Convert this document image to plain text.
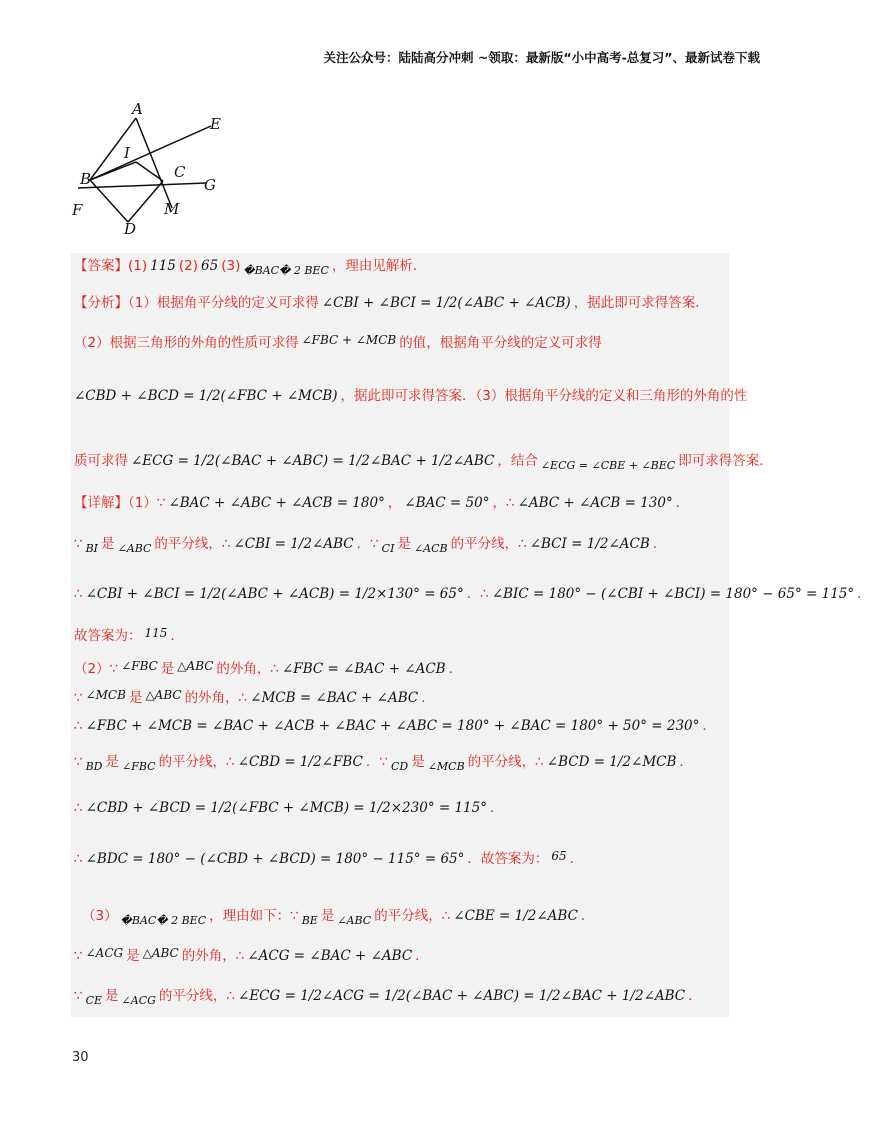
关注公众号：陆陆高分冲刺 ~领取：最新版“小中高考-总复习”、最新试卷下载
A
E
I
B	C
G
F	M
D
【答案】(1) 115 (2) 65 (3) �BAC� 2 BEC ，理由见解析．
【分析】（1）根据角平分线的定义可求得 ∠CBI + ∠BCI = 1/2(∠ABC + ∠ACB) ，据此即可求得答案．
（2）根据三角形的外角的性质可求得 ∠FBC + ∠MCB 的值，根据角平分线的定义可求得
∠CBD + ∠BCD = 1/2(∠FBC + ∠MCB) ，据此即可求得答案．（3）根据角平分线的定义和三角形的外角的性
质可求得 ∠ECG = 1/2(∠BAC + ∠ABC) = 1/2∠BAC + 1/2∠ABC ，结合 ∠ECG = ∠CBE + ∠BEC 即可求得答案．
【详解】（1）∵ ∠BAC + ∠ABC + ∠ACB = 180° ， ∠BAC = 50° ，∴ ∠ABC + ∠ACB = 130° ．
∵ BI 是 ∠ABC 的平分线，∴ ∠CBI = 1/2∠ABC ．∵ CI 是 ∠ACB 的平分线，∴ ∠BCI = 1/2∠ACB ．
∴ ∠CBI + ∠BCI = 1/2(∠ABC + ∠ACB) = 1/2×130° = 65° ．∴ ∠BIC = 180° − (∠CBI + ∠BCI) = 180° − 65° = 115° ．
故答案为： 115 ．
（2）∵ ∠FBC 是 △ABC 的外角，∴ ∠FBC = ∠BAC + ∠ACB ．
∵ ∠MCB 是 △ABC 的外角，∴ ∠MCB = ∠BAC + ∠ABC ．
∴ ∠FBC + ∠MCB = ∠BAC + ∠ACB + ∠BAC + ∠ABC = 180° + ∠BAC = 180° + 50° = 230° ．
∵ BD 是 ∠FBC 的平分线，∴ ∠CBD = 1/2∠FBC ．∵ CD 是 ∠MCB 的平分线，∴ ∠BCD = 1/2∠MCB ．
∴ ∠CBD + ∠BCD = 1/2(∠FBC + ∠MCB) = 1/2×230° = 115° ．
∴ ∠BDC = 180° − (∠CBD + ∠BCD) = 180° − 115° = 65° ．故答案为： 65 ．
（3） �BAC� 2 BEC ，理由如下：∵ BE 是 ∠ABC 的平分线，∴ ∠CBE = 1/2∠ABC ．
∵ ∠ACG 是 △ABC 的外角，∴ ∠ACG = ∠BAC + ∠ABC ．
∵ CE 是 ∠ACG 的平分线，∴ ∠ECG = 1/2∠ACG = 1/2(∠BAC + ∠ABC) = 1/2∠BAC + 1/2∠ABC ．
30
